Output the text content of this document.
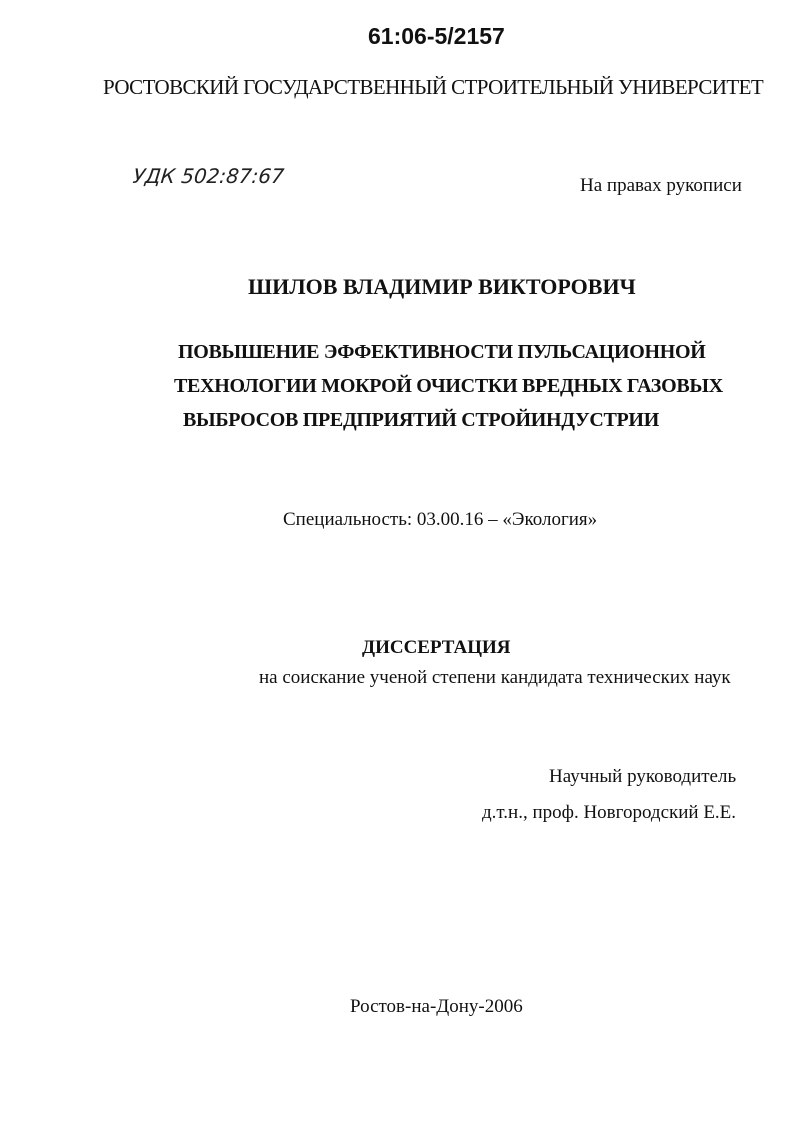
61:06-5/2157
РОСТОВСКИЙ ГОСУДАРСТВЕННЫЙ СТРОИТЕЛЬНЫЙ УНИВЕРСИТЕТ
УДК 502:87:67	На правах рукописи
ШИЛОВ ВЛАДИМИР ВИКТОРОВИЧ
ПОВЫШЕНИЕ ЭФФЕКТИВНОСТИ ПУЛЬСАЦИОННОЙ
ТЕХНОЛОГИИ МОКРОЙ ОЧИСТКИ ВРЕДНЫХ ГАЗОВЫХ
ВЫБРОСОВ ПРЕДПРИЯТИЙ СТРОЙИНДУСТРИИ
Специальность: 03.00.16 – «Экология»
ДИССЕРТАЦИЯ
на соискание ученой степени кандидата технических наук
Научный руководитель
д.т.н., проф. Новгородский Е.Е.
Ростов-на-Дону-2006
